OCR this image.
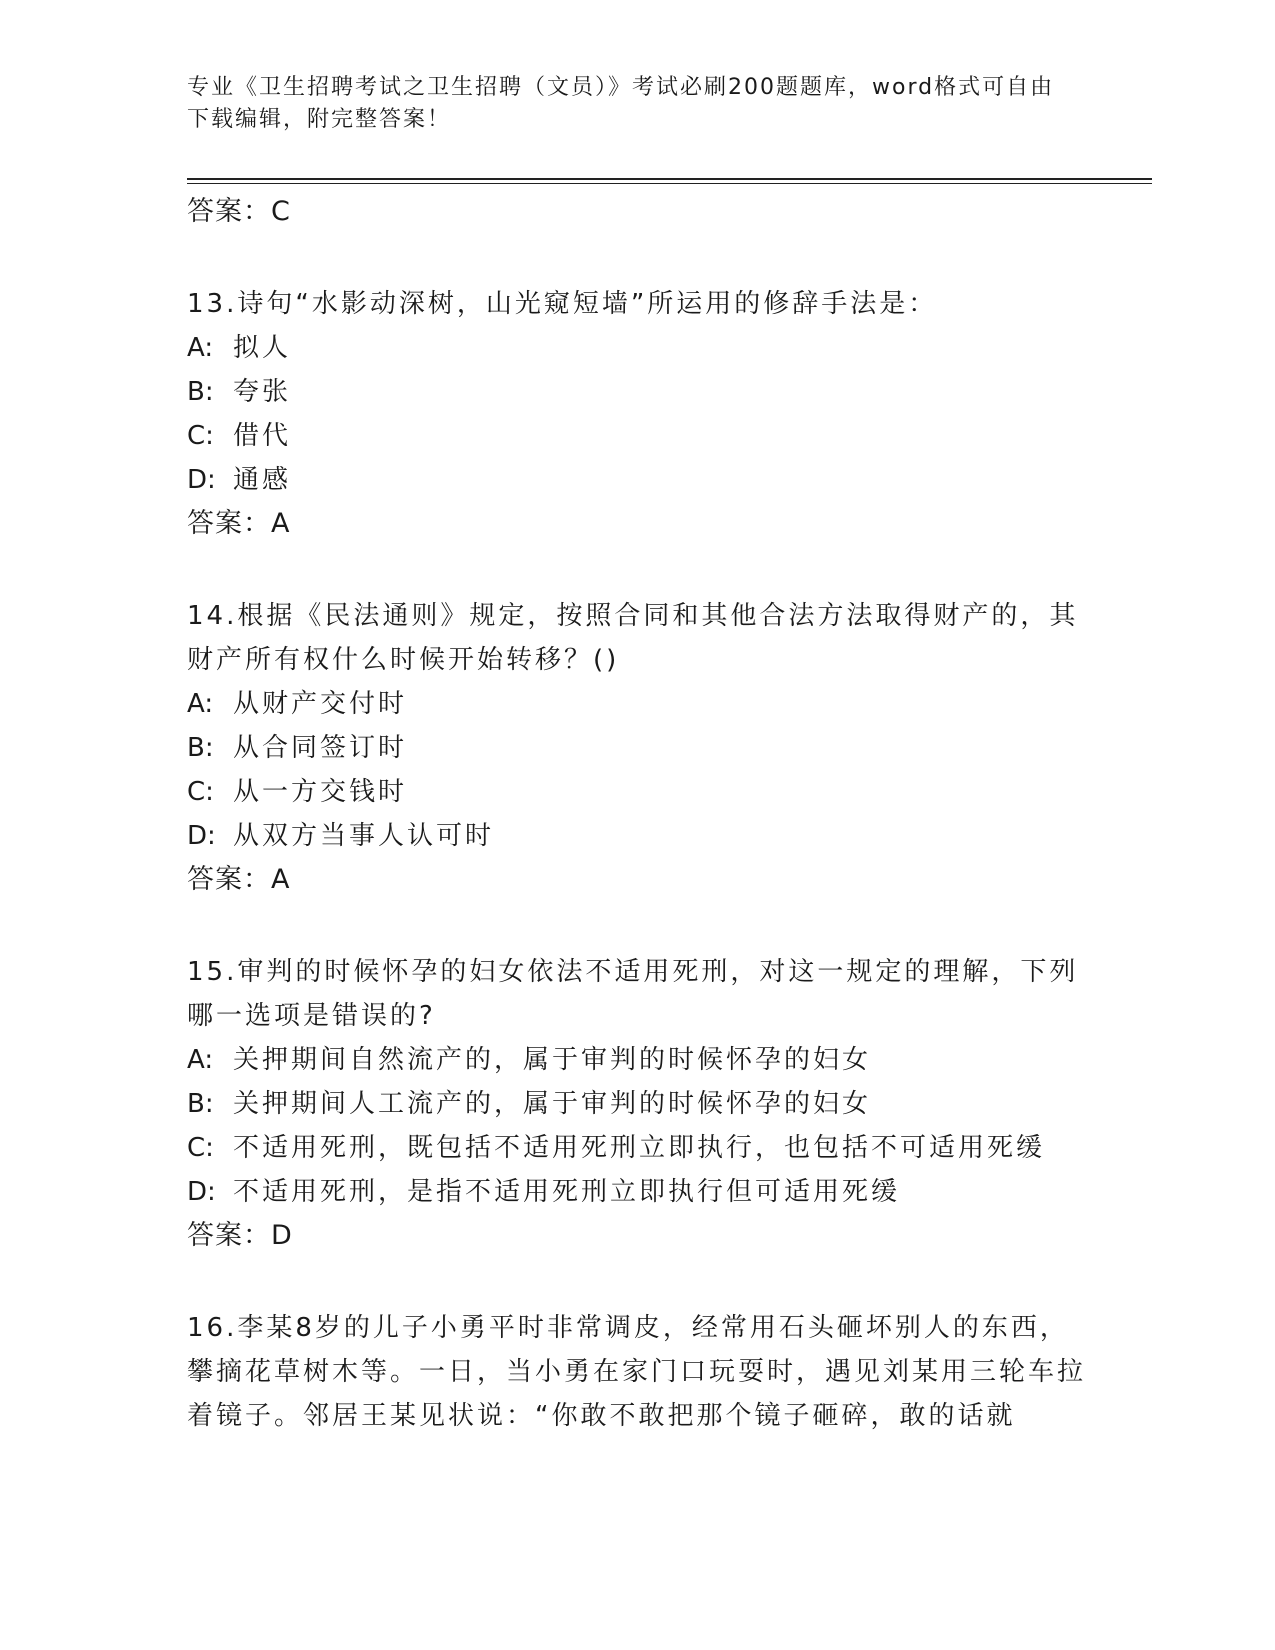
专业《卫生招聘考试之卫生招聘（文员）》考试必刷200题题库，word格式可自由下载编辑，附完整答案！
答案：C
13.诗句“水影动深树，山光窥短墙”所运用的修辞手法是：
A: 拟人
B: 夸张
C: 借代
D: 通感
答案：A
14.根据《民法通则》规定，按照合同和其他合法方法取得财产的，其财产所有权什么时候开始转移？()
A: 从财产交付时
B: 从合同签订时
C: 从一方交钱时
D: 从双方当事人认可时
答案：A
15.审判的时候怀孕的妇女依法不适用死刑，对这一规定的理解，下列哪一选项是错误的?
A: 关押期间自然流产的，属于审判的时候怀孕的妇女
B: 关押期间人工流产的，属于审判的时候怀孕的妇女
C: 不适用死刑，既包括不适用死刑立即执行，也包括不可适用死缓
D: 不适用死刑，是指不适用死刑立即执行但可适用死缓
答案：D
16.李某8岁的儿子小勇平时非常调皮，经常用石头砸坏别人的东西，攀摘花草树木等。一日，当小勇在家门口玩耍时，遇见刘某用三轮车拉着镜子。邻居王某见状说：“你敢不敢把那个镜子砸碎，敢的话就
